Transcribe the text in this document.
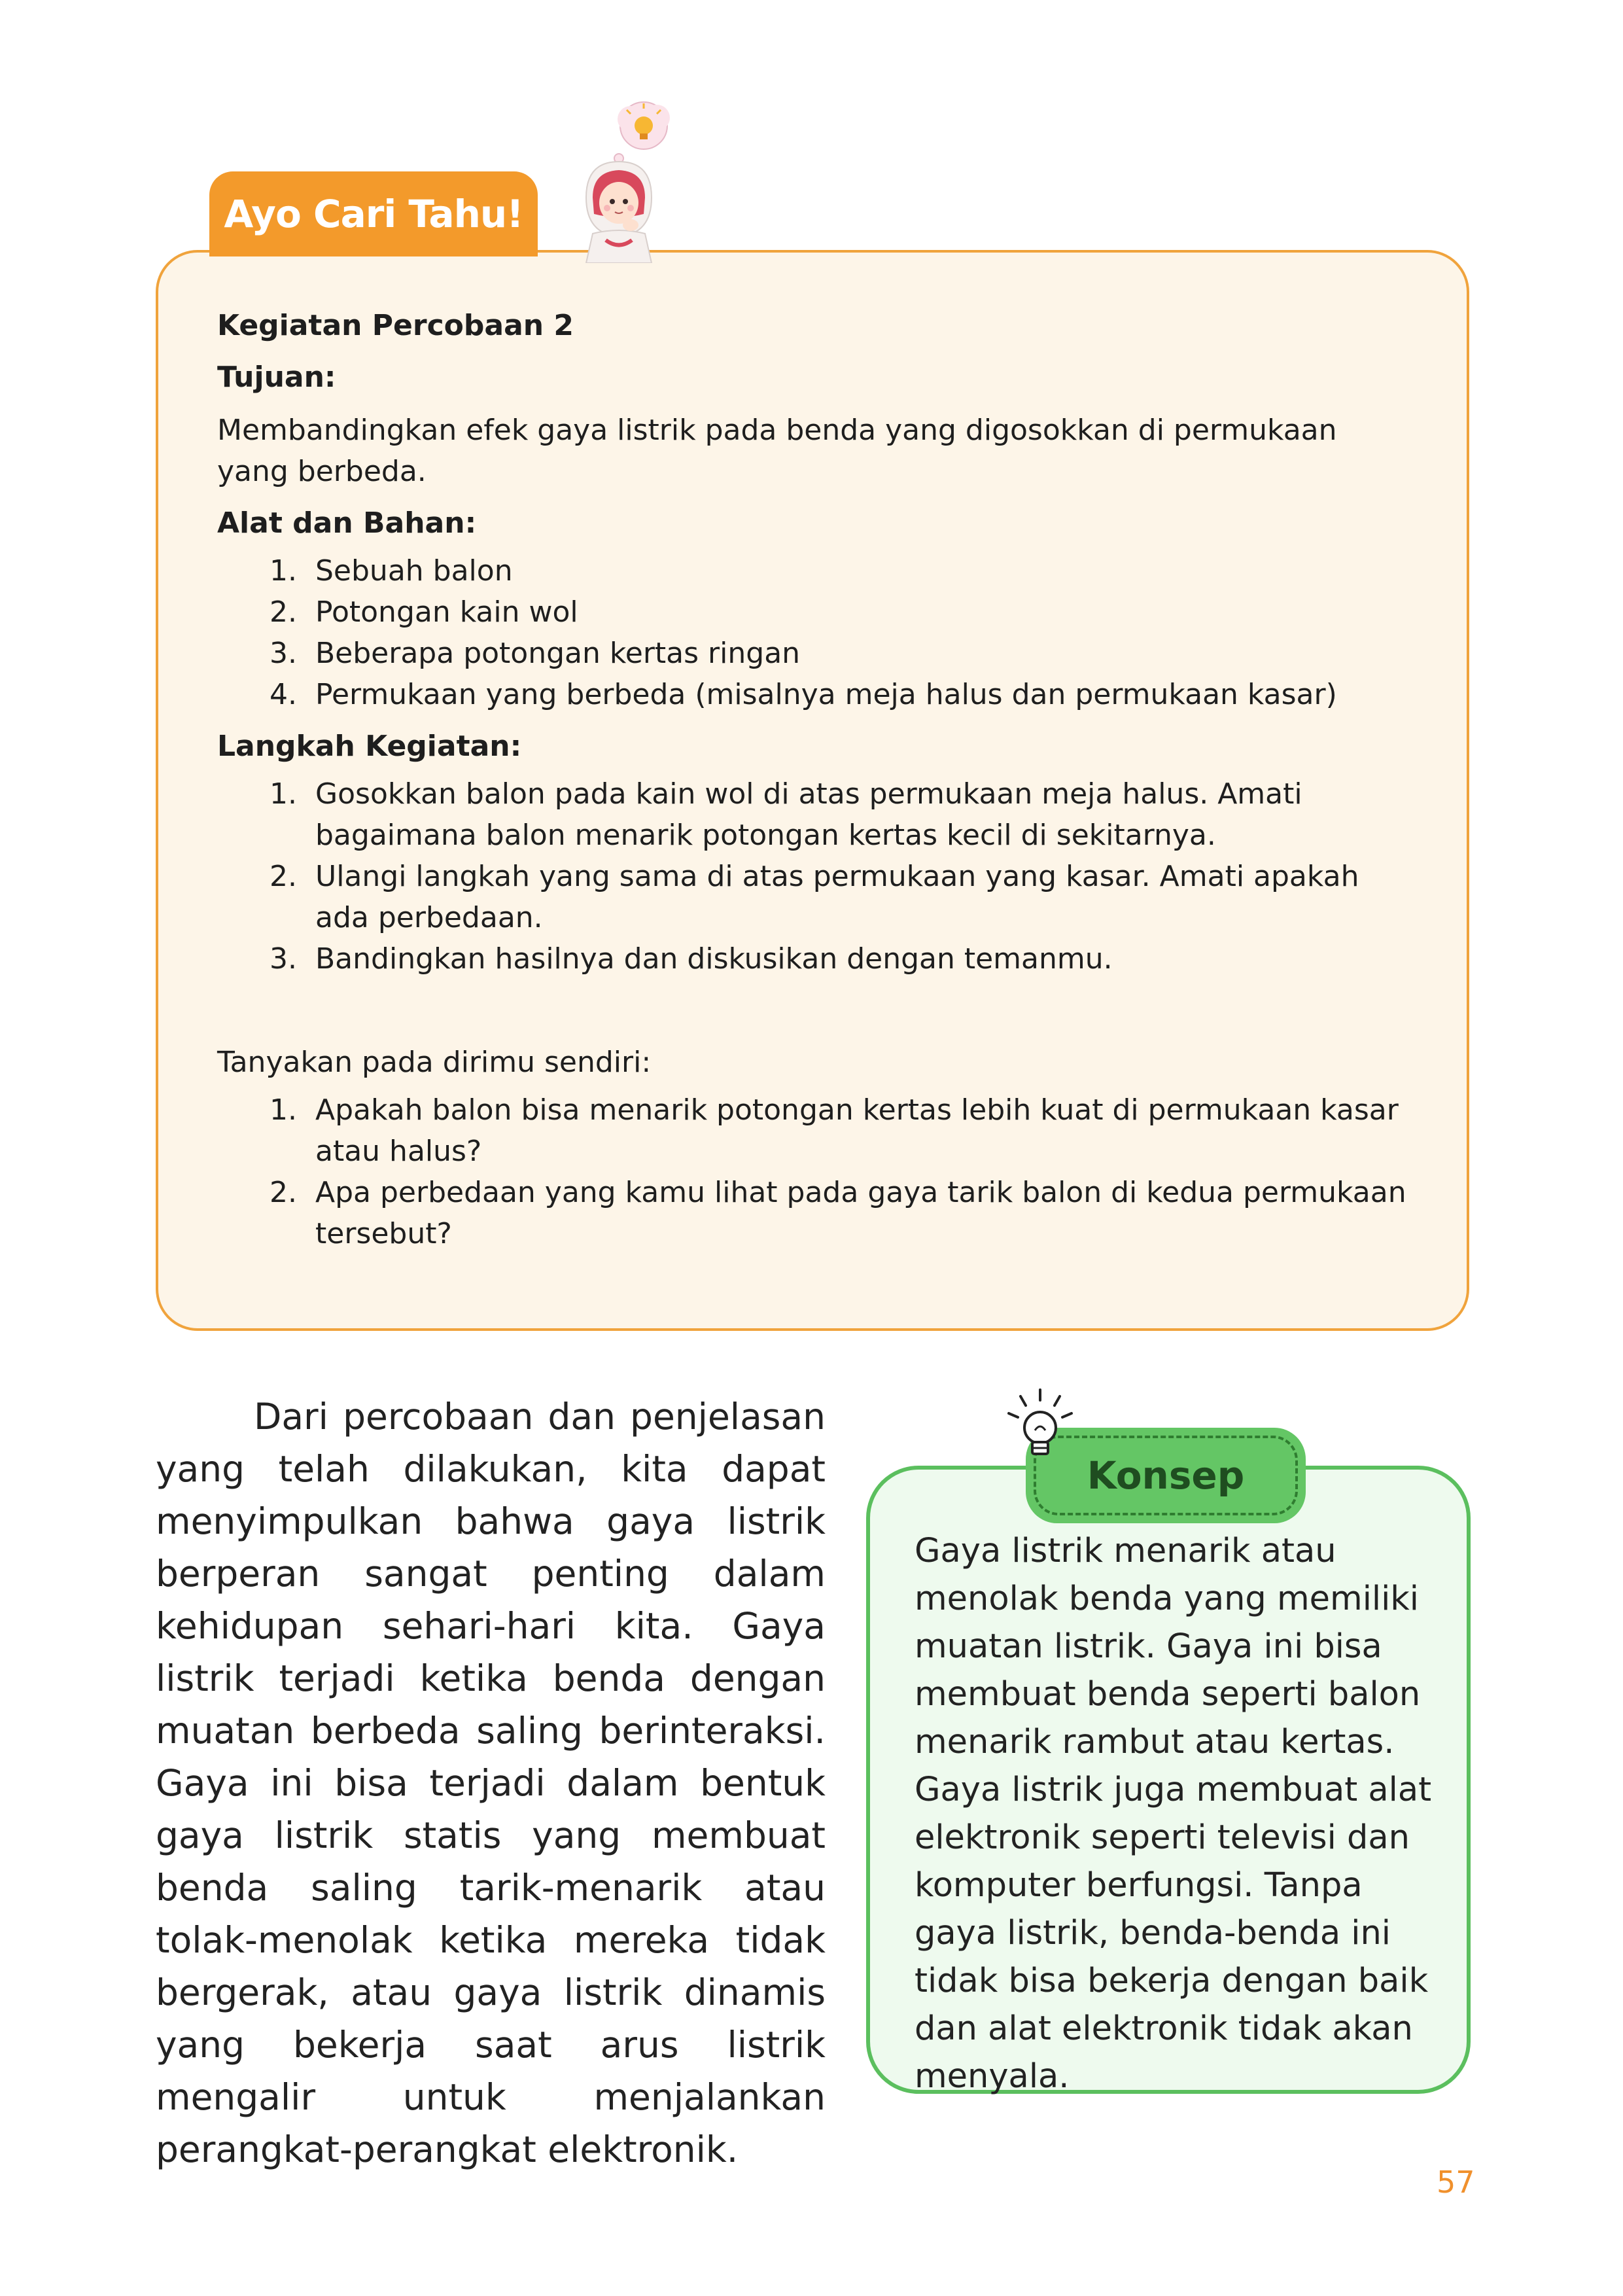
Kegiatan Percobaan 2

Tujuan:

Membandingkan efek gaya listrik pada benda yang digosokkan di permukaan yang berbeda.

Alat dan Bahan:

1. Sebuah balon
2. Potongan kain wol
3. Beberapa potongan kertas ringan
4. Permukaan yang berbeda (misalnya meja halus dan permukaan kasar)

Langkah Kegiatan:

1. Gosokkan balon pada kain wol di atas permukaan meja halus. Amati bagaimana balon menarik potongan kertas kecil di sekitarnya.
2. Ulangi langkah yang sama di atas permukaan yang kasar. Amati apakah ada perbedaan.
3. Bandingkan hasilnya dan diskusikan dengan temanmu.

Tanyakan pada dirimu sendiri:

1. Apakah balon bisa menarik potongan kertas lebih kuat di permukaan kasar atau halus?
2. Apa perbedaan yang kamu lihat pada gaya tarik balon di kedua permukaan tersebut?
Ayo Cari Tahu!

Dari percobaan dan penjelasan yang telah dilakukan, kita dapat menyimpulkan bahwa gaya listrik berperan sangat penting dalam kehidupan sehari-hari kita. Gaya listrik terjadi ketika benda dengan muatan berbeda saling berinteraksi. Gaya ini bisa terjadi dalam bentuk gaya listrik statis yang membuat benda saling tarik-menarik atau tolak-menolak ketika mereka tidak bergerak, atau gaya listrik dinamis yang bekerja saat arus listrik mengalir untuk menjalankan perangkat-perangkat elektronik.

Gaya listrik menarik atau menolak benda yang memiliki muatan listrik. Gaya ini bisa membuat benda seperti balon menarik rambut atau kertas. Gaya listrik juga membuat alat elektronik seperti televisi dan komputer berfungsi. Tanpa gaya listrik, benda-benda ini tidak bisa bekerja dengan baik dan alat elektronik tidak akan menyala.

Konsep
57
